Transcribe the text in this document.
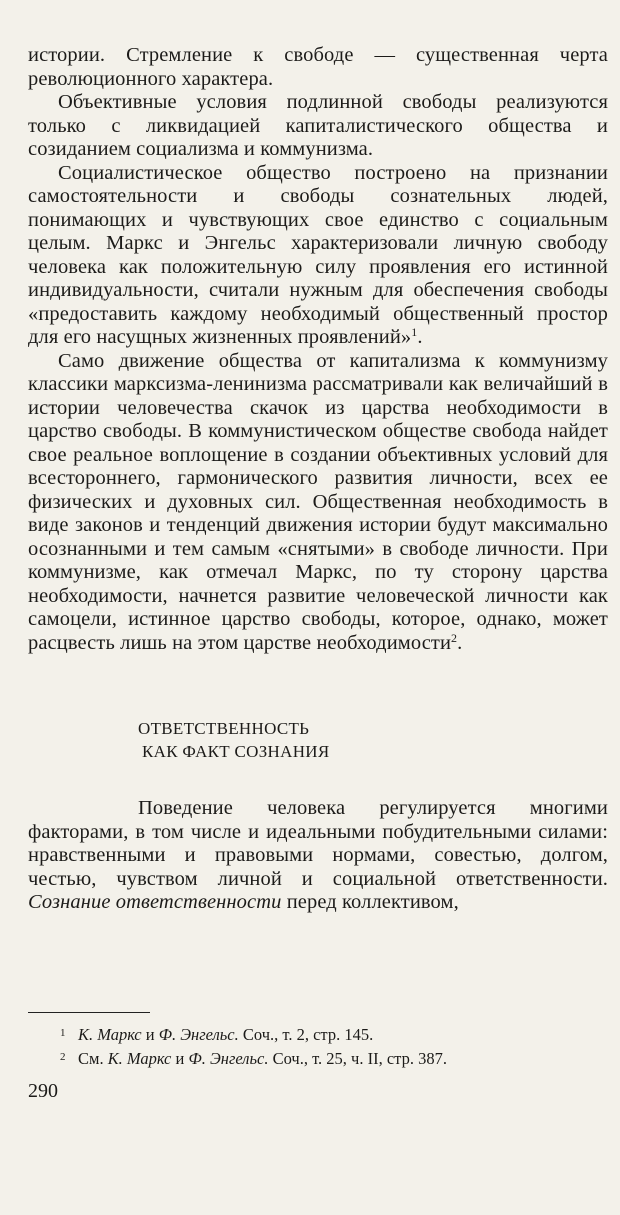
истории. Стремление к свободе — существенная черта революционного характера.

Объективные условия подлинной свободы реализуются только с ликвидацией капиталистического общества и созиданием социализма и коммунизма.

Социалистическое общество построено на признании самостоятельности и свободы сознательных людей, понимающих и чувствующих свое единство с социальным целым. Маркс и Энгельс характеризовали личную свободу человека как положительную силу проявления его истинной индивидуальности, считали нужным для обеспечения свободы «предоставить каждому необходимый общественный простор для его насущных жизненных проявлений»$^1$.

Само движение общества от капитализма к коммунизму классики марксизма-ленинизма рассматривали как величайший в истории человечества скачок из царства необходимости в царство свободы. В коммунистическом обществе свобода найдет свое реальное воплощение в создании объективных условий для всестороннего, гармонического развития личности, всех ее физических и духовных сил. Общественная необходимость в виде законов и тенденций движения истории будут максимально осознанными и тем самым «снятыми» в свободе личности. При коммунизме, как отмечал Маркс, по ту сторону царства необходимости, начнется развитие человеческой личности как самоцели, истинное царство свободы, которое, однако, может расцвесть лишь на этом царстве необходимости$^2$.

ОТВЕТСТВЕННОСТЬ
КАК ФАКТ СОЗНАНИЯ

Поведение человека регулируется многими факторами, в том числе и идеальными побудительными силами: нравственными и правовыми нормами, совестью, долгом, честью, чувством личной и социальной ответственности. Сознание ответственности перед коллективом,

1 К. Маркс и Ф. Энгельс. Соч., т. 2, стр. 145.
2 См. К. Маркс и Ф. Энгельс. Соч., т. 25, ч. II, стр. 387.
290
